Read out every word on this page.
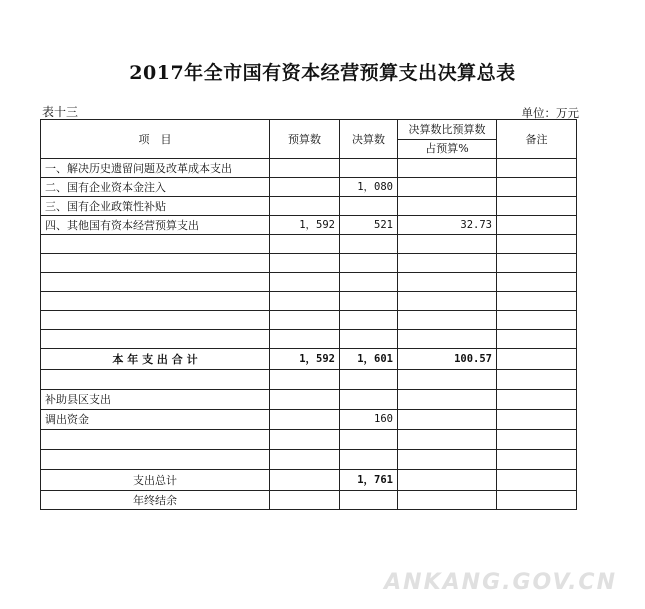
2017年全市国有资本经营预算支出决算总表
表十三	单位：万元
项　目	预算数	决算数	决算数比预算数	备注
			占预算%	
一、解决历史遗留问题及改革成本支出				
二、国有企业资本金注入		1，080		
三、国有企业政策性补贴				
四、其他国有资本经营预算支出	1，592	521	32.73	

本 年 支 出 合 计	1，592	1，601	100.57	

补助县区支出				
调出资金		160		

支出总计		1，761		
年终结余				
ANKANG.GOV.CN
